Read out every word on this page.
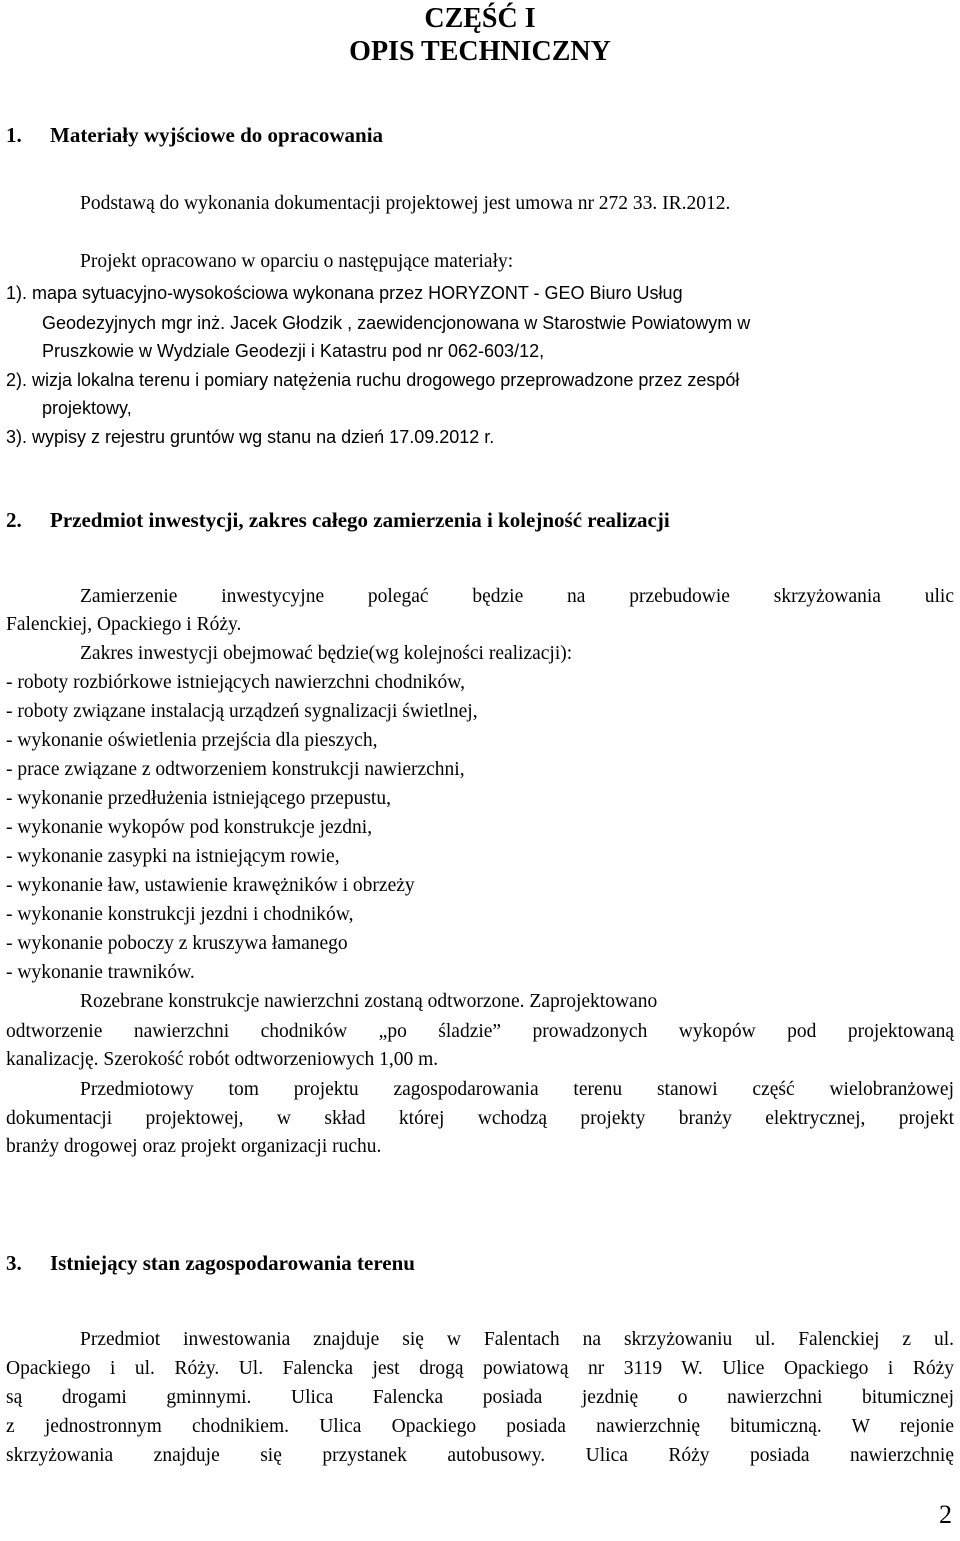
CZĘŚĆ I
OPIS TECHNICZNY
1. Materiały wyjściowe do opracowania
Podstawą do wykonania dokumentacji projektowej jest umowa nr 272 33. IR.2012.
Projekt opracowano w oparciu o następujące materiały:
1). mapa sytuacyjno-wysokościowa wykonana przez HORYZONT - GEO Biuro Usług
Geodezyjnych mgr inż. Jacek Głodzik , zaewidencjonowana w Starostwie Powiatowym w
Pruszkowie w Wydziale Geodezji i Katastru pod nr 062-603/12,
2). wizja lokalna terenu i pomiary natężenia ruchu drogowego przeprowadzone przez zespół
projektowy,
3). wypisy z rejestru gruntów wg stanu na dzień 17.09.2012 r.
2. Przedmiot inwestycji, zakres całego zamierzenia i kolejność realizacji
Zamierzenie inwestycyjne polegać będzie na przebudowie skrzyżowania ulic
Falenckiej, Opackiego i Róży.
Zakres inwestycji obejmować będzie(wg kolejności realizacji):
- roboty rozbiórkowe istniejących nawierzchni chodników,
- roboty związane instalacją urządzeń sygnalizacji świetlnej,
- wykonanie oświetlenia przejścia dla pieszych,
- prace związane z odtworzeniem konstrukcji nawierzchni,
- wykonanie przedłużenia istniejącego przepustu,
- wykonanie wykopów pod konstrukcje jezdni,
- wykonanie zasypki na istniejącym rowie,
- wykonanie ław, ustawienie krawężników i obrzeży
- wykonanie konstrukcji jezdni i chodników,
- wykonanie poboczy z kruszywa łamanego
- wykonanie trawników.
Rozebrane konstrukcje nawierzchni zostaną odtworzone. Zaprojektowano
odtworzenie nawierzchni chodników „po śladzie” prowadzonych wykopów pod projektowaną
kanalizację. Szerokość robót odtworzeniowych 1,00 m.
Przedmiotowy tom projektu zagospodarowania terenu stanowi część wielobranżowej
dokumentacji projektowej, w skład której wchodzą projekty branży elektrycznej, projekt
branży drogowej oraz projekt organizacji ruchu.
3. Istniejący stan zagospodarowania terenu
Przedmiot inwestowania znajduje się w Falentach na skrzyżowaniu ul. Falenckiej z ul.
Opackiego i ul. Róży. Ul. Falencka jest drogą powiatową nr 3119 W. Ulice Opackiego i Róży
są drogami gminnymi. Ulica Falencka posiada jezdnię o nawierzchni bitumicznej
z jednostronnym chodnikiem. Ulica Opackiego posiada nawierzchnię bitumiczną. W rejonie
skrzyżowania znajduje się przystanek autobusowy. Ulica Róży posiada nawierzchnię
2
